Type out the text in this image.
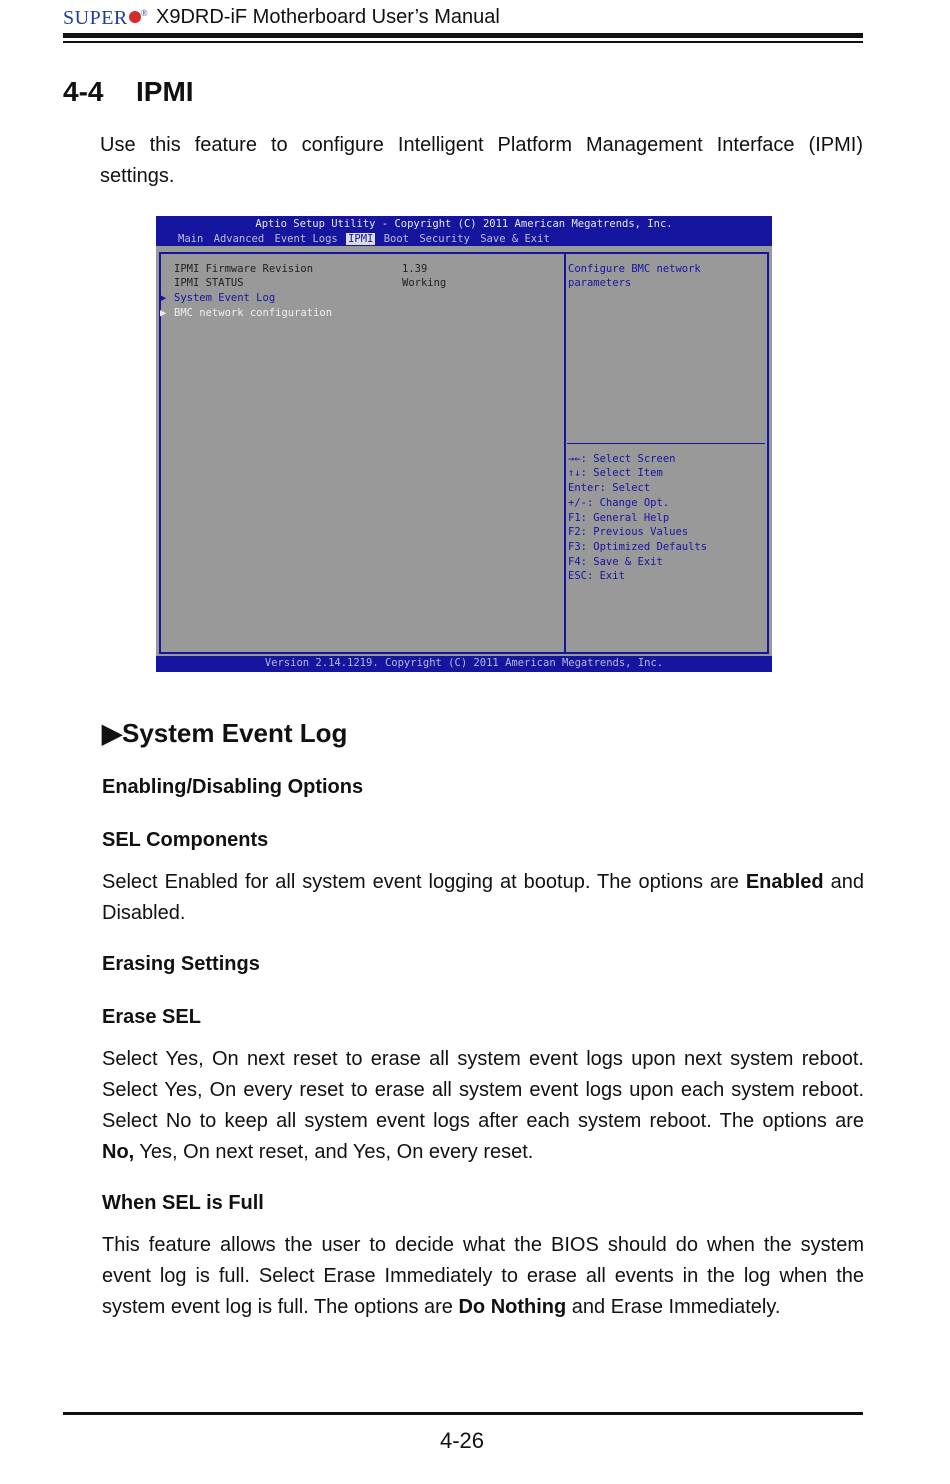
SUPER ® X9DRD-iF Motherboard User’s Manual
4-4 IPMI
Use this feature to configure Intelligent Platform Management Interface (IPMI) settings.
Aptio Setup Utility - Copyright (C) 2011 American Megatrends, Inc.
Main Advanced Event Logs IPMI Boot Security Save & Exit
IPMI Firmware Revision	1.39
IPMI STATUS	Working
▶ System Event Log
▶ BMC network configuration
Configure BMC network
parameters
→←: Select Screen
↑↓: Select Item
Enter: Select
+/-: Change Opt.
F1: General Help
F2: Previous Values
F3: Optimized Defaults
F4: Save & Exit
ESC: Exit
Version 2.14.1219. Copyright (C) 2011 American Megatrends, Inc.
▶System Event Log
Enabling/Disabling Options
SEL Components
Select Enabled for all system event logging at bootup. The options are Enabled and Disabled.
Erasing Settings
Erase SEL
Select Yes, On next reset to erase all system event logs upon next system reboot. Select Yes, On every reset to erase all system event logs upon each system reboot. Select No to keep all system event logs after each system reboot. The options are No, Yes, On next reset, and Yes, On every reset.
When SEL is Full
This feature allows the user to decide what the BIOS should do when the system event log is full. Select Erase Immediately to erase all events in the log when the system event log is full. The options are Do Nothing and Erase Immediately.
4-26
